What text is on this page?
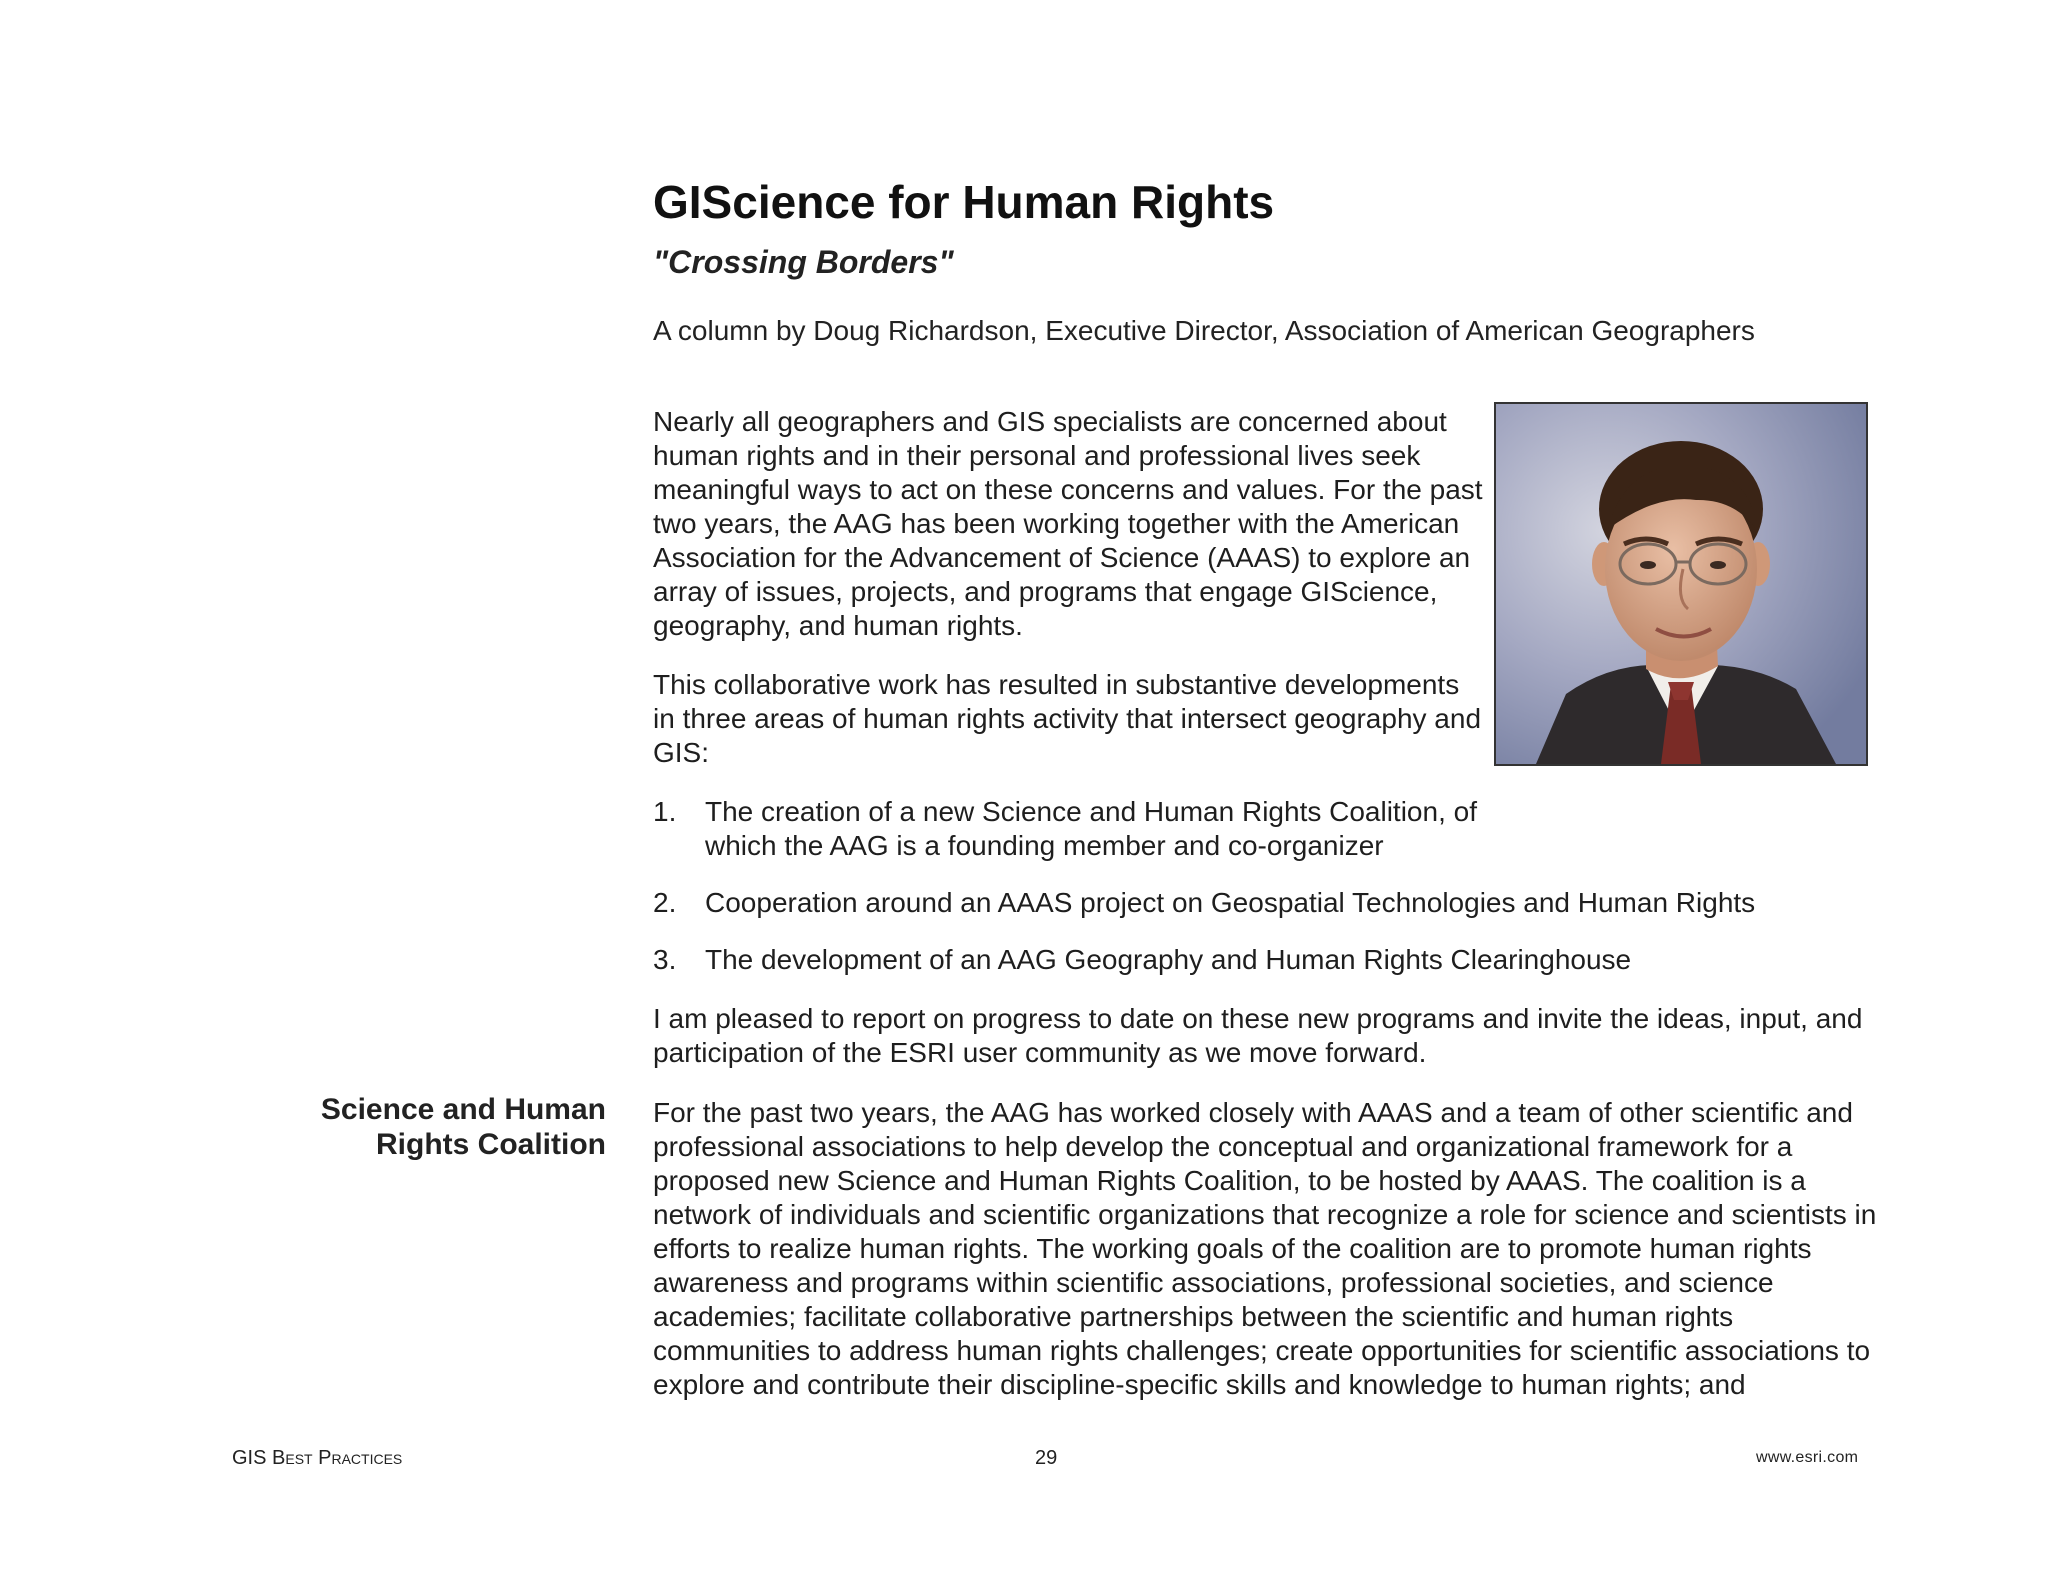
GIScience for Human Rights
"Crossing Borders"
A column by Doug Richardson, Executive Director, Association of American Geographers

Nearly all geographers and GIS specialists are concerned about human rights and in their personal and professional lives seek meaningful ways to act on these concerns and values. For the past two years, the AAG has been working together with the American Association for the Advancement of Science (AAAS) to explore an array of issues, projects, and programs that engage GIScience, geography, and human rights.

This collaborative work has resulted in substantive developments in three areas of human rights activity that intersect geography and GIS:

1. The creation of a new Science and Human Rights Coalition, of which the AAG is a founding member and co-organizer
2. Cooperation around an AAAS project on Geospatial Technologies and Human Rights
3. The development of an AAG Geography and Human Rights Clearinghouse

I am pleased to report on progress to date on these new programs and invite the ideas, input, and participation of the ESRI user community as we move forward.

Science and Human Rights Coalition

For the past two years, the AAG has worked closely with AAAS and a team of other scientific and professional associations to help develop the conceptual and organizational framework for a proposed new Science and Human Rights Coalition, to be hosted by AAAS. The coalition is a network of individuals and scientific organizations that recognize a role for science and scientists in efforts to realize human rights. The working goals of the coalition are to promote human rights awareness and programs within scientific associations, professional societies, and science academies; facilitate collaborative partnerships between the scientific and human rights communities to address human rights challenges; create opportunities for scientific associations to explore and contribute their discipline-specific skills and knowledge to human rights; and

GIS Best Practices	29	www.esri.com
